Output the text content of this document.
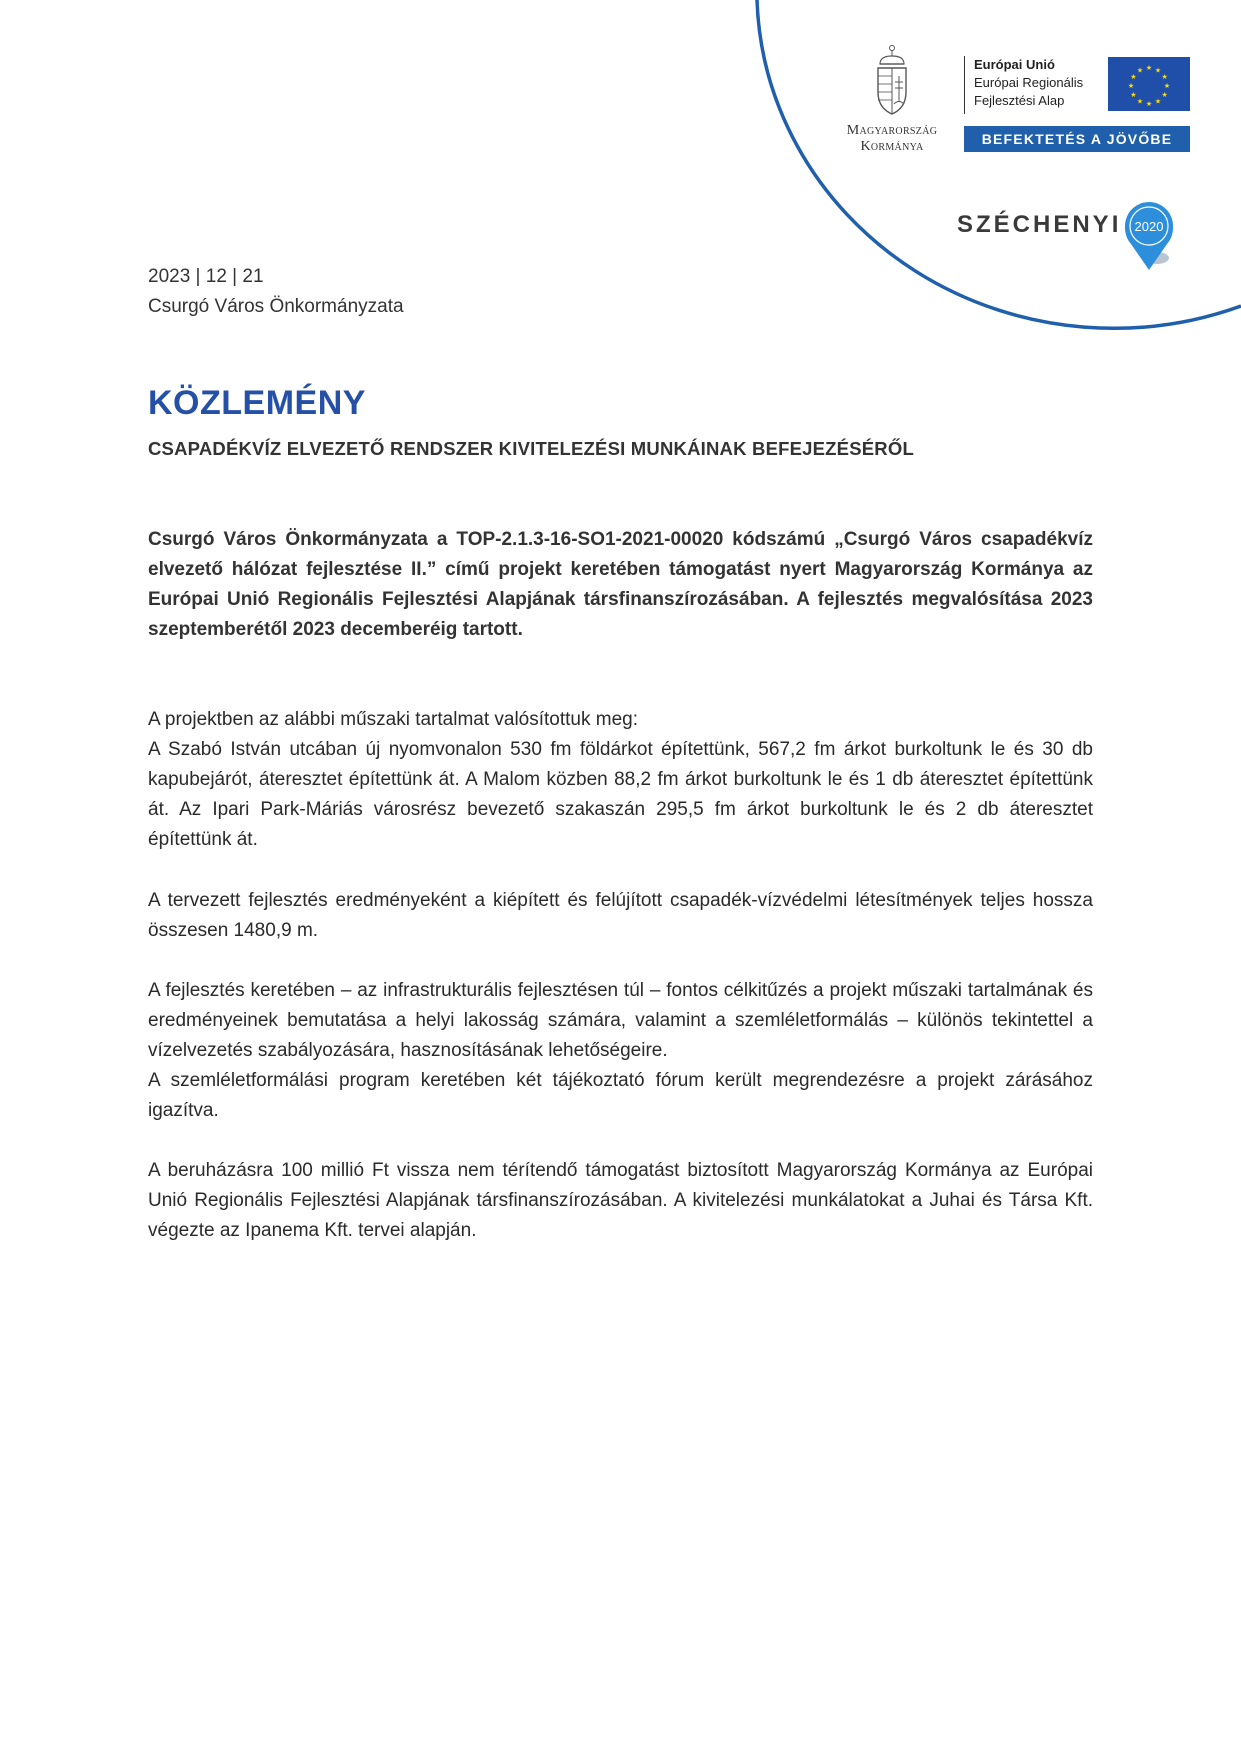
Magyarország
Kormánya
Európai Unió
Európai Regionális
Fejlesztési Alap
★ ★
★
★
★
★
★
★
★
★
★
★
BEFEKTETÉS A JÖVŐBE
SZÉCHENYI 2020
2023 | 12 | 21
Csurgó Város Önkormányzata
KÖZLEMÉNY
CSAPADÉKVÍZ ELVEZETŐ RENDSZER KIVITELEZÉSI MUNKÁINAK BEFEJEZÉSÉRŐL

Csurgó Város Önkormányzata a TOP-2.1.3-16-SO1-2021-00020 kódszámú „Csurgó Város csapadékvíz elvezető hálózat fejlesztése II.” című projekt keretében támogatást nyert Magyarország Kormánya az Európai Unió Regionális Fejlesztési Alapjának társfinanszírozásában. A fejlesztés megvalósítása 2023 szeptemberétől 2023 decemberéig tartott.

A projektben az alábbi műszaki tartalmat valósítottuk meg:
A Szabó István utcában új nyomvonalon 530 fm földárkot építettünk, 567,2 fm árkot burkoltunk le és 30 db kapubejárót, áteresztet építettünk át. A Malom közben 88,2 fm árkot burkoltunk le és 1 db áteresztet építettünk át. Az Ipari Park-Máriás városrész bevezető szakaszán 295,5 fm árkot burkoltunk le és 2 db áteresztet építettünk át.

A tervezett fejlesztés eredményeként a kiépített és felújított csapadék-vízvédelmi létesítmények teljes hossza összesen 1480,9 m.

A fejlesztés keretében – az infrastrukturális fejlesztésen túl – fontos célkitűzés a projekt műszaki tartalmának és eredményeinek bemutatása a helyi lakosság számára, valamint a szemléletformálás – különös tekintettel a vízelvezetés szabályozására, hasznosításának lehetőségeire.

A szemléletformálási program keretében két tájékoztató fórum került megrendezésre a projekt zárásához igazítva.

A beruházásra 100 millió Ft vissza nem térítendő támogatást biztosított Magyarország Kormánya az Európai Unió Regionális Fejlesztési Alapjának társfinanszírozásában. A kivitelezési munkálatokat a Juhai és Társa Kft. végezte az Ipanema Kft. tervei alapján.
